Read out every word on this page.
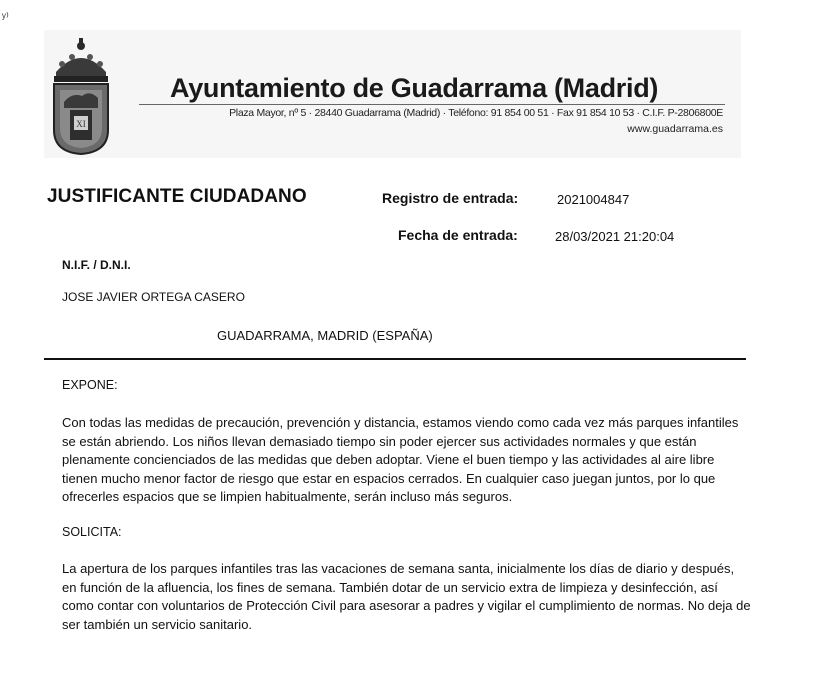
ʸ⁾
XI
Ayuntamiento de Guadarrama (Madrid)
Plaza Mayor, nº 5 · 28440 Guadarrama (Madrid) · Teléfono: 91 854 00 51 · Fax 91 854 10 53 · C.I.F. P-2806800E
www.guadarrama.es
JUSTIFICANTE CIUDADANO	Registro de entrada:	2021004847
Fecha de entrada:	28/03/2021 21:20:04
N.I.F. / D.N.I.
JOSE JAVIER ORTEGA CASERO
GUADARRAMA, MADRID (ESPAÑA)
EXPONE:

Con todas las medidas de precaución, prevención y distancia, estamos viendo como cada vez más parques infantiles se están abriendo. Los niños llevan demasiado tiempo sin poder ejercer sus actividades normales y que están plenamente concienciados de las medidas que deben adoptar. Viene el buen tiempo y las actividades al aire libre tienen mucho menor factor de riesgo que estar en espacios cerrados. En cualquier caso juegan juntos, por lo que ofrecerles espacios que se limpien habitualmente, serán incluso más seguros.

SOLICITA:

La apertura de los parques infantiles tras las vacaciones de semana santa, inicialmente los días de diario y después, en función de la afluencia, los fines de semana. También dotar de un servicio extra de limpieza y desinfección, así como contar con voluntarios de Protección Civil para asesorar a padres y vigilar el cumplimiento de normas. No deja de ser también un servicio sanitario.
